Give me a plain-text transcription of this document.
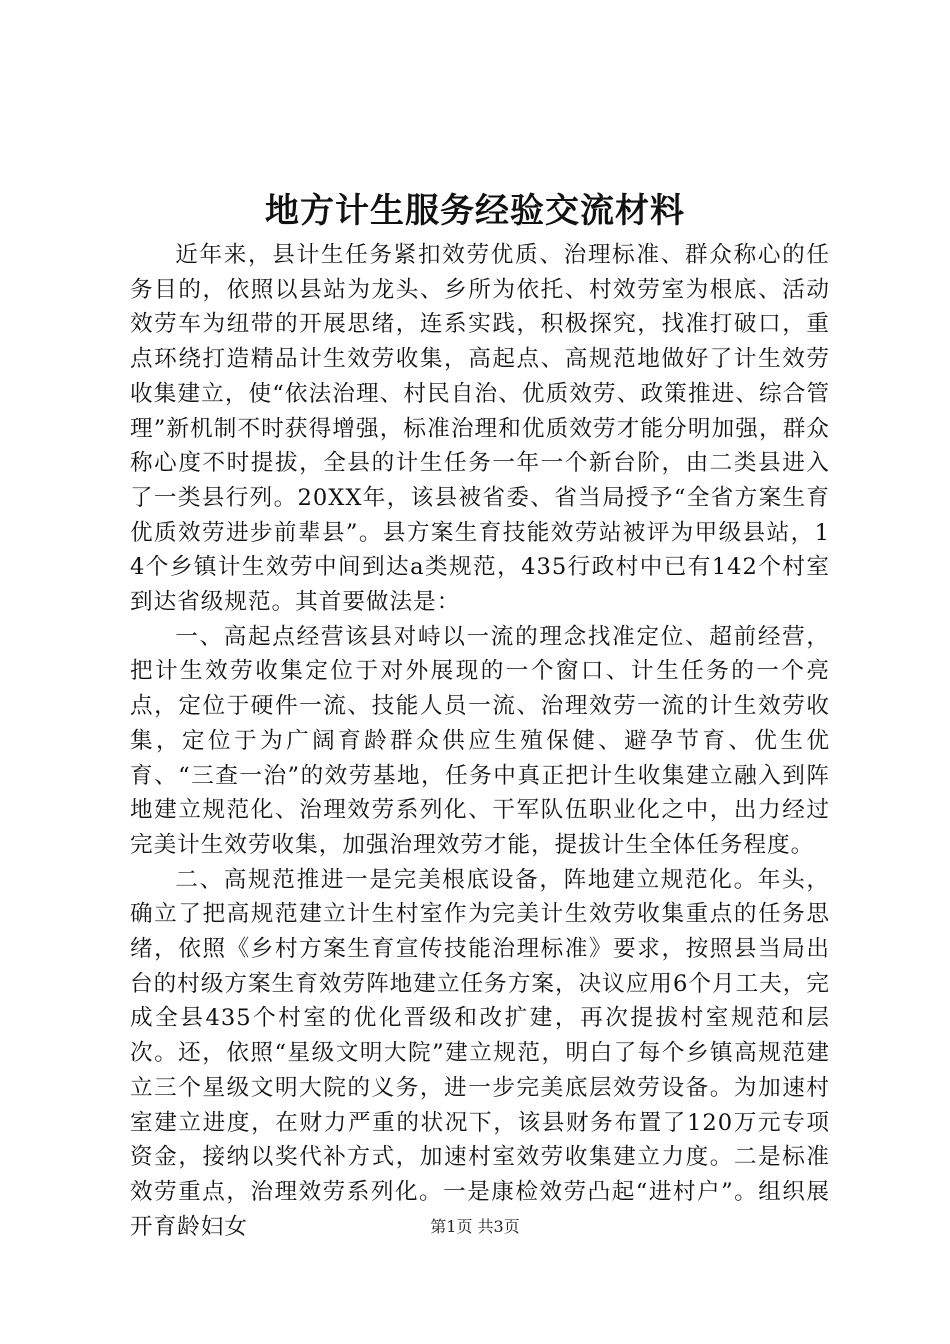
地方计生服务经验交流材料

近年来，县计生任务紧扣效劳优质、治理标准、群众称心的任务目的，依照以县站为龙头、乡所为依托、村效劳室为根底、活动效劳车为纽带的开展思绪，连系实践，积极探究，找准打破口，重点环绕打造精品计生效劳收集，高起点、高规范地做好了计生效劳收集建立，使“依法治理、村民自治、优质效劳、政策推进、综合管理”新机制不时获得增强，标准治理和优质效劳才能分明加强，群众称心度不时提拔，全县的计生任务一年一个新台阶，由二类县进入了一类县行列。20XX年，该县被省委、省当局授予“全省方案生育优质效劳进步前辈县”。县方案生育技能效劳站被评为甲级县站，14个乡镇计生效劳中间到达a类规范，435行政村中已有142个村室到达省级规范。其首要做法是：

一、高起点经营该县对峙以一流的理念找准定位、超前经营，把计生效劳收集定位于对外展现的一个窗口、计生任务的一个亮点，定位于硬件一流、技能人员一流、治理效劳一流的计生效劳收集，定位于为广阔育龄群众供应生殖保健、避孕节育、优生优育、“三查一治”的效劳基地，任务中真正把计生收集建立融入到阵地建立规范化、治理效劳系列化、干军队伍职业化之中，出力经过完美计生效劳收集，加强治理效劳才能，提拔计生全体任务程度。

二、高规范推进一是完美根底设备，阵地建立规范化。年头，确立了把高规范建立计生村室作为完美计生效劳收集重点的任务思绪，依照《乡村方案生育宣传技能治理标准》要求，按照县当局出台的村级方案生育效劳阵地建立任务方案，决议应用6个月工夫，完成全县435个村室的优化晋级和改扩建，再次提拔村室规范和层次。还，依照“星级文明大院”建立规范，明白了每个乡镇高规范建立三个星级文明大院的义务，进一步完美底层效劳设备。为加速村室建立进度，在财力严重的状况下，该县财务布置了120万元专项资金，接纳以奖代补方式，加速村室效劳收集建立力度。二是标准效劳重点，治理效劳系列化。一是康检效劳凸起“进村户”。组织展开育龄妇女	第1页 共3页
